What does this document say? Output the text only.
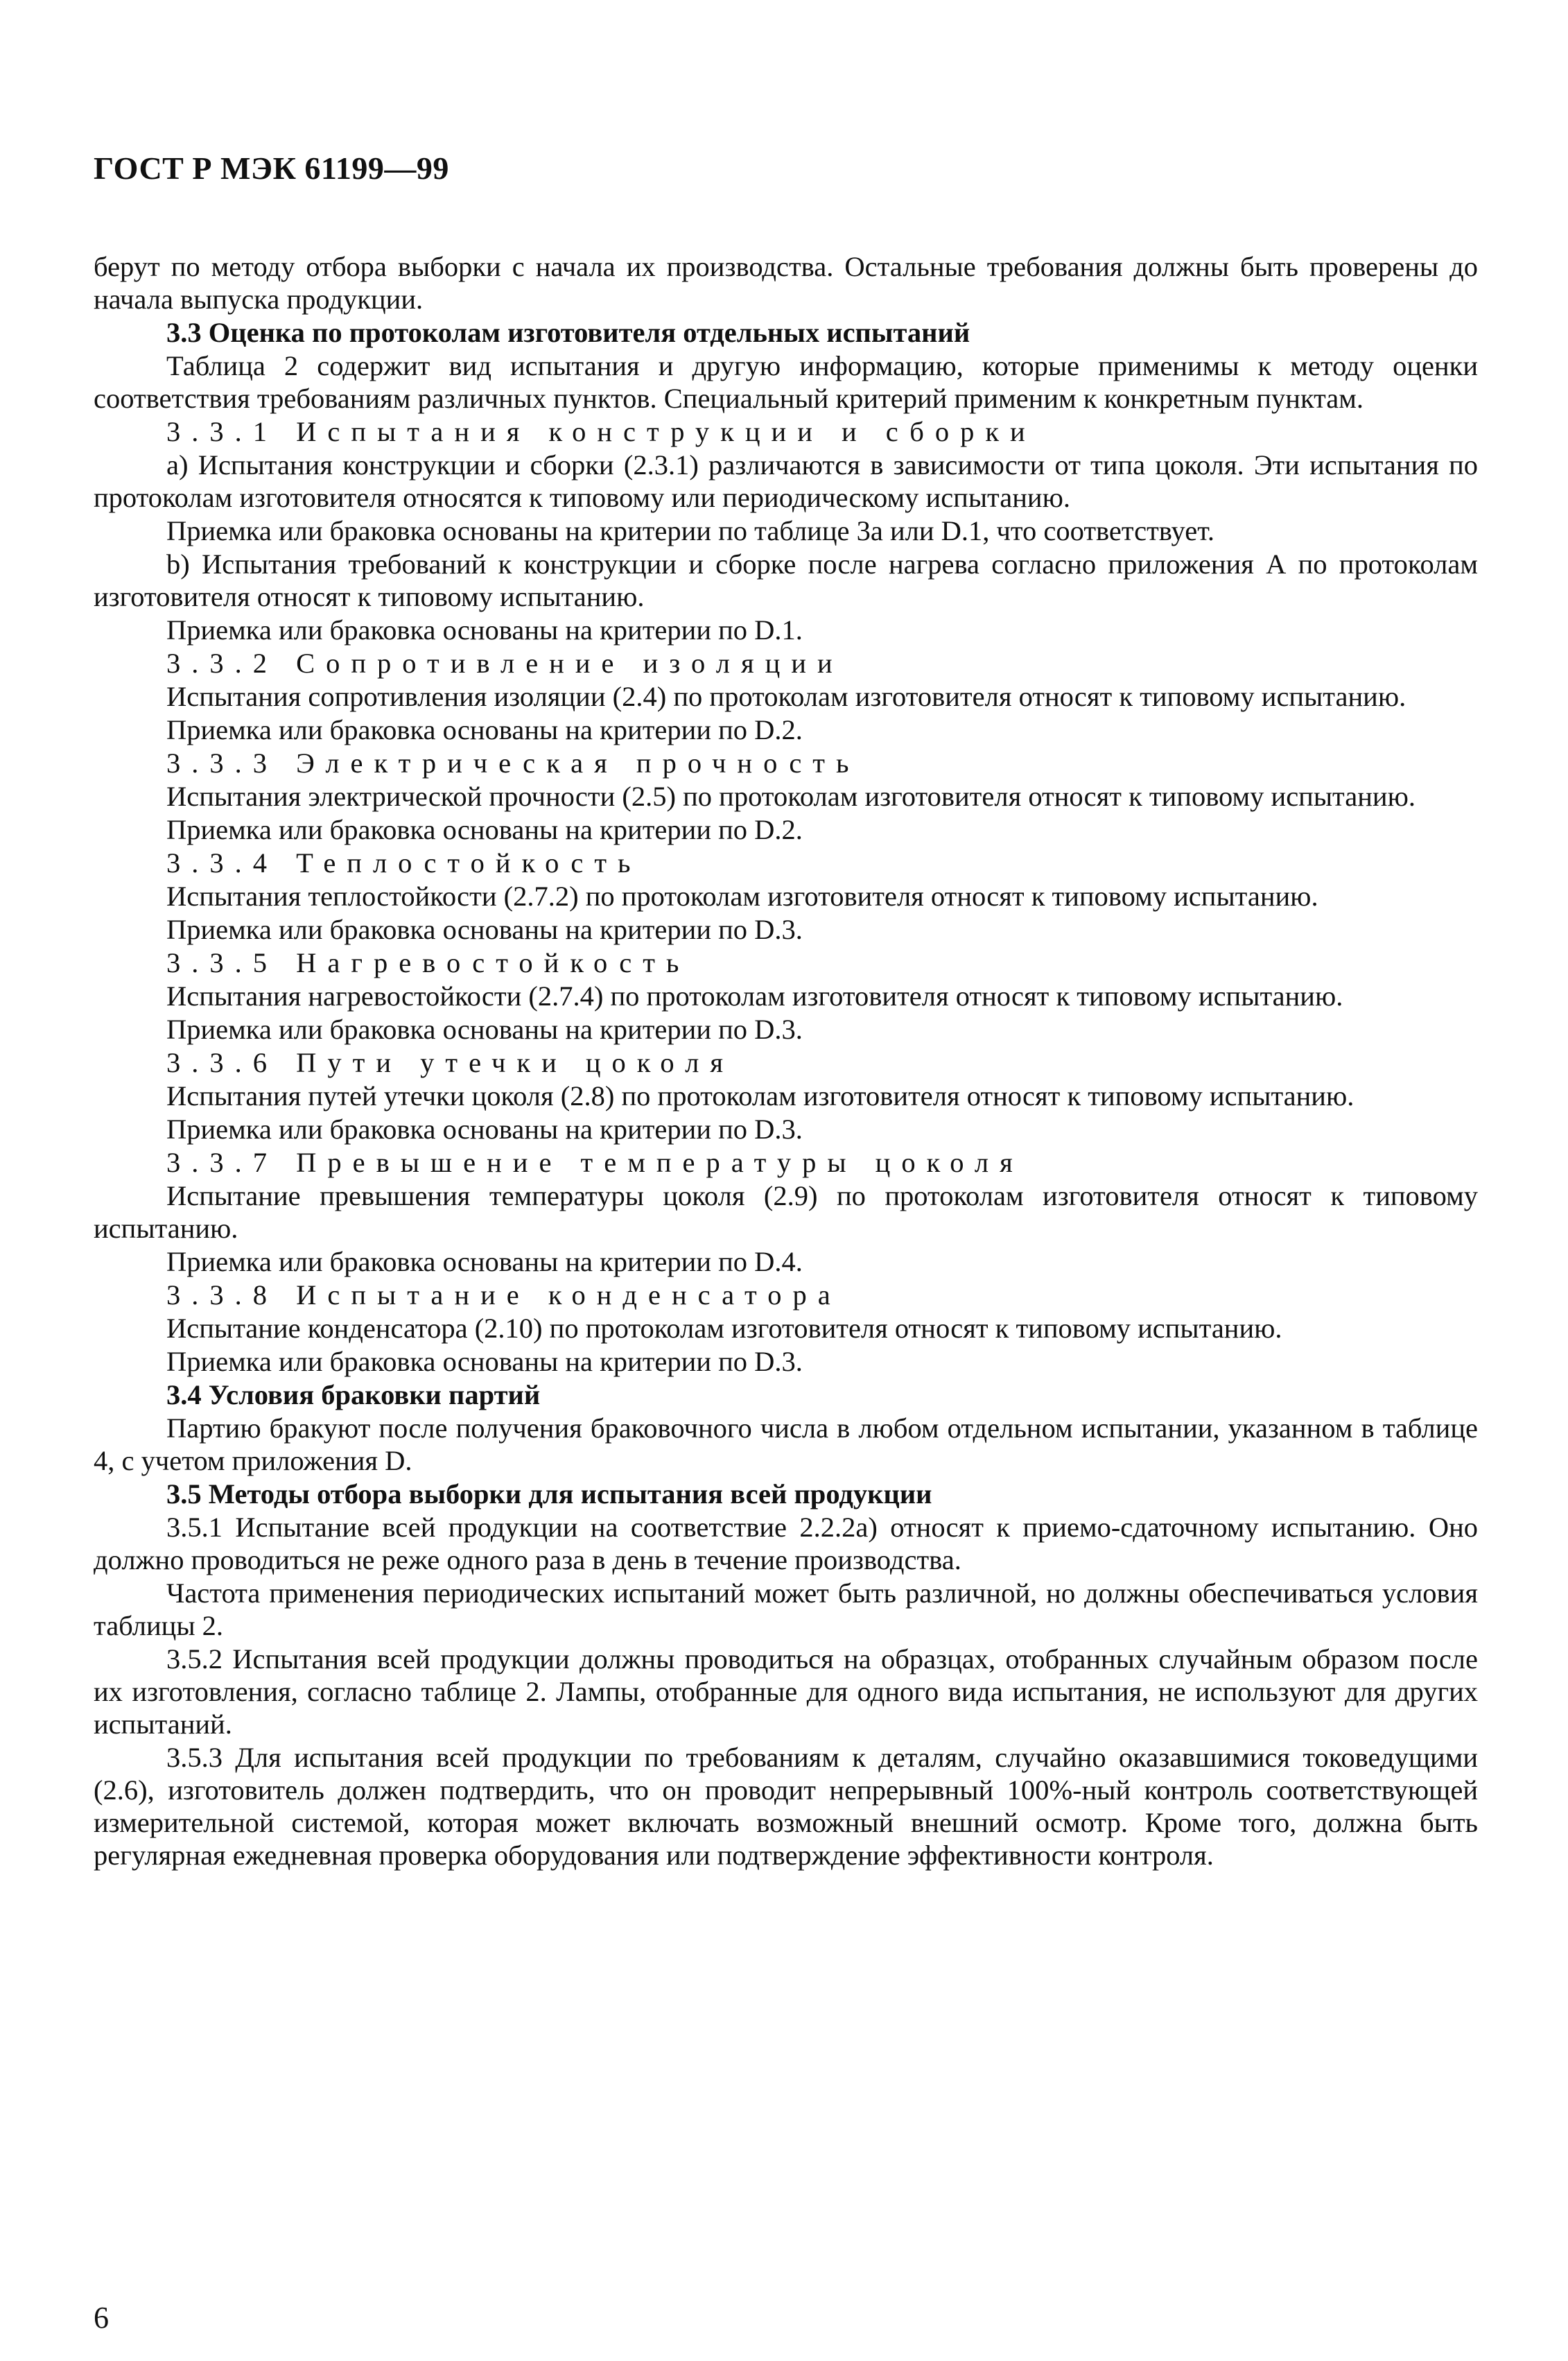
ГОСТ Р МЭК 61199—99
берут по методу отбора выборки с начала их производства. Остальные требования должны быть проверены до начала выпуска продукции.
3.3 Оценка по протоколам изготовителя отдельных испытаний
Таблица 2 содержит вид испытания и другую информацию, которые применимы к методу оценки соответствия требованиям различных пунктов. Специальный критерий применим к конкретным пунктам.
3.3.1 Испытания конструкции и сборки
а) Испытания конструкции и сборки (2.3.1) различаются в зависимости от типа цоколя. Эти испытания по протоколам изготовителя относятся к типовому или периодическому испытанию.
Приемка или браковка основаны на критерии по таблице 3а или D.1, что соответствует.
b) Испытания требований к конструкции и сборке после нагрева согласно приложения А по протоколам изготовителя относят к типовому испытанию.
Приемка или браковка основаны на критерии по D.1.
3.3.2 Сопротивление изоляции
Испытания сопротивления изоляции (2.4) по протоколам изготовителя относят к типовому испытанию.
Приемка или браковка основаны на критерии по D.2.
3.3.3 Электрическая прочность
Испытания электрической прочности (2.5) по протоколам изготовителя относят к типовому испытанию.
Приемка или браковка основаны на критерии по D.2.
3.3.4 Теплостойкость
Испытания теплостойкости (2.7.2) по протоколам изготовителя относят к типовому испытанию.
Приемка или браковка основаны на критерии по D.3.
3.3.5 Нагревостойкость
Испытания нагревостойкости (2.7.4) по протоколам изготовителя относят к типовому испытанию.
Приемка или браковка основаны на критерии по D.3.
3.3.6 Пути утечки цоколя
Испытания путей утечки цоколя (2.8) по протоколам изготовителя относят к типовому испытанию.
Приемка или браковка основаны на критерии по D.3.
3.3.7 Превышение температуры цоколя
Испытание превышения температуры цоколя (2.9) по протоколам изготовителя относят к типовому испытанию.
Приемка или браковка основаны на критерии по D.4.
3.3.8 Испытание конденсатора
Испытание конденсатора (2.10) по протоколам изготовителя относят к типовому испытанию.
Приемка или браковка основаны на критерии по D.3.
3.4 Условия браковки партий
Партию бракуют после получения браковочного числа в любом отдельном испытании, указанном в таблице 4, с учетом приложения D.
3.5 Методы отбора выборки для испытания всей продукции
3.5.1 Испытание всей продукции на соответствие 2.2.2а) относят к приемо-сдаточному испытанию. Оно должно проводиться не реже одного раза в день в течение производства.
Частота применения периодических испытаний может быть различной, но должны обеспечиваться условия таблицы 2.
3.5.2 Испытания всей продукции должны проводиться на образцах, отобранных случайным образом после их изготовления, согласно таблице 2. Лампы, отобранные для одного вида испытания, не используют для других испытаний.
3.5.3 Для испытания всей продукции по требованиям к деталям, случайно оказавшимися токоведущими (2.6), изготовитель должен подтвердить, что он проводит непрерывный 100%-ный контроль соответствующей измерительной системой, которая может включать возможный внешний осмотр. Кроме того, должна быть регулярная ежедневная проверка оборудования или подтверждение эффективности контроля.
6
